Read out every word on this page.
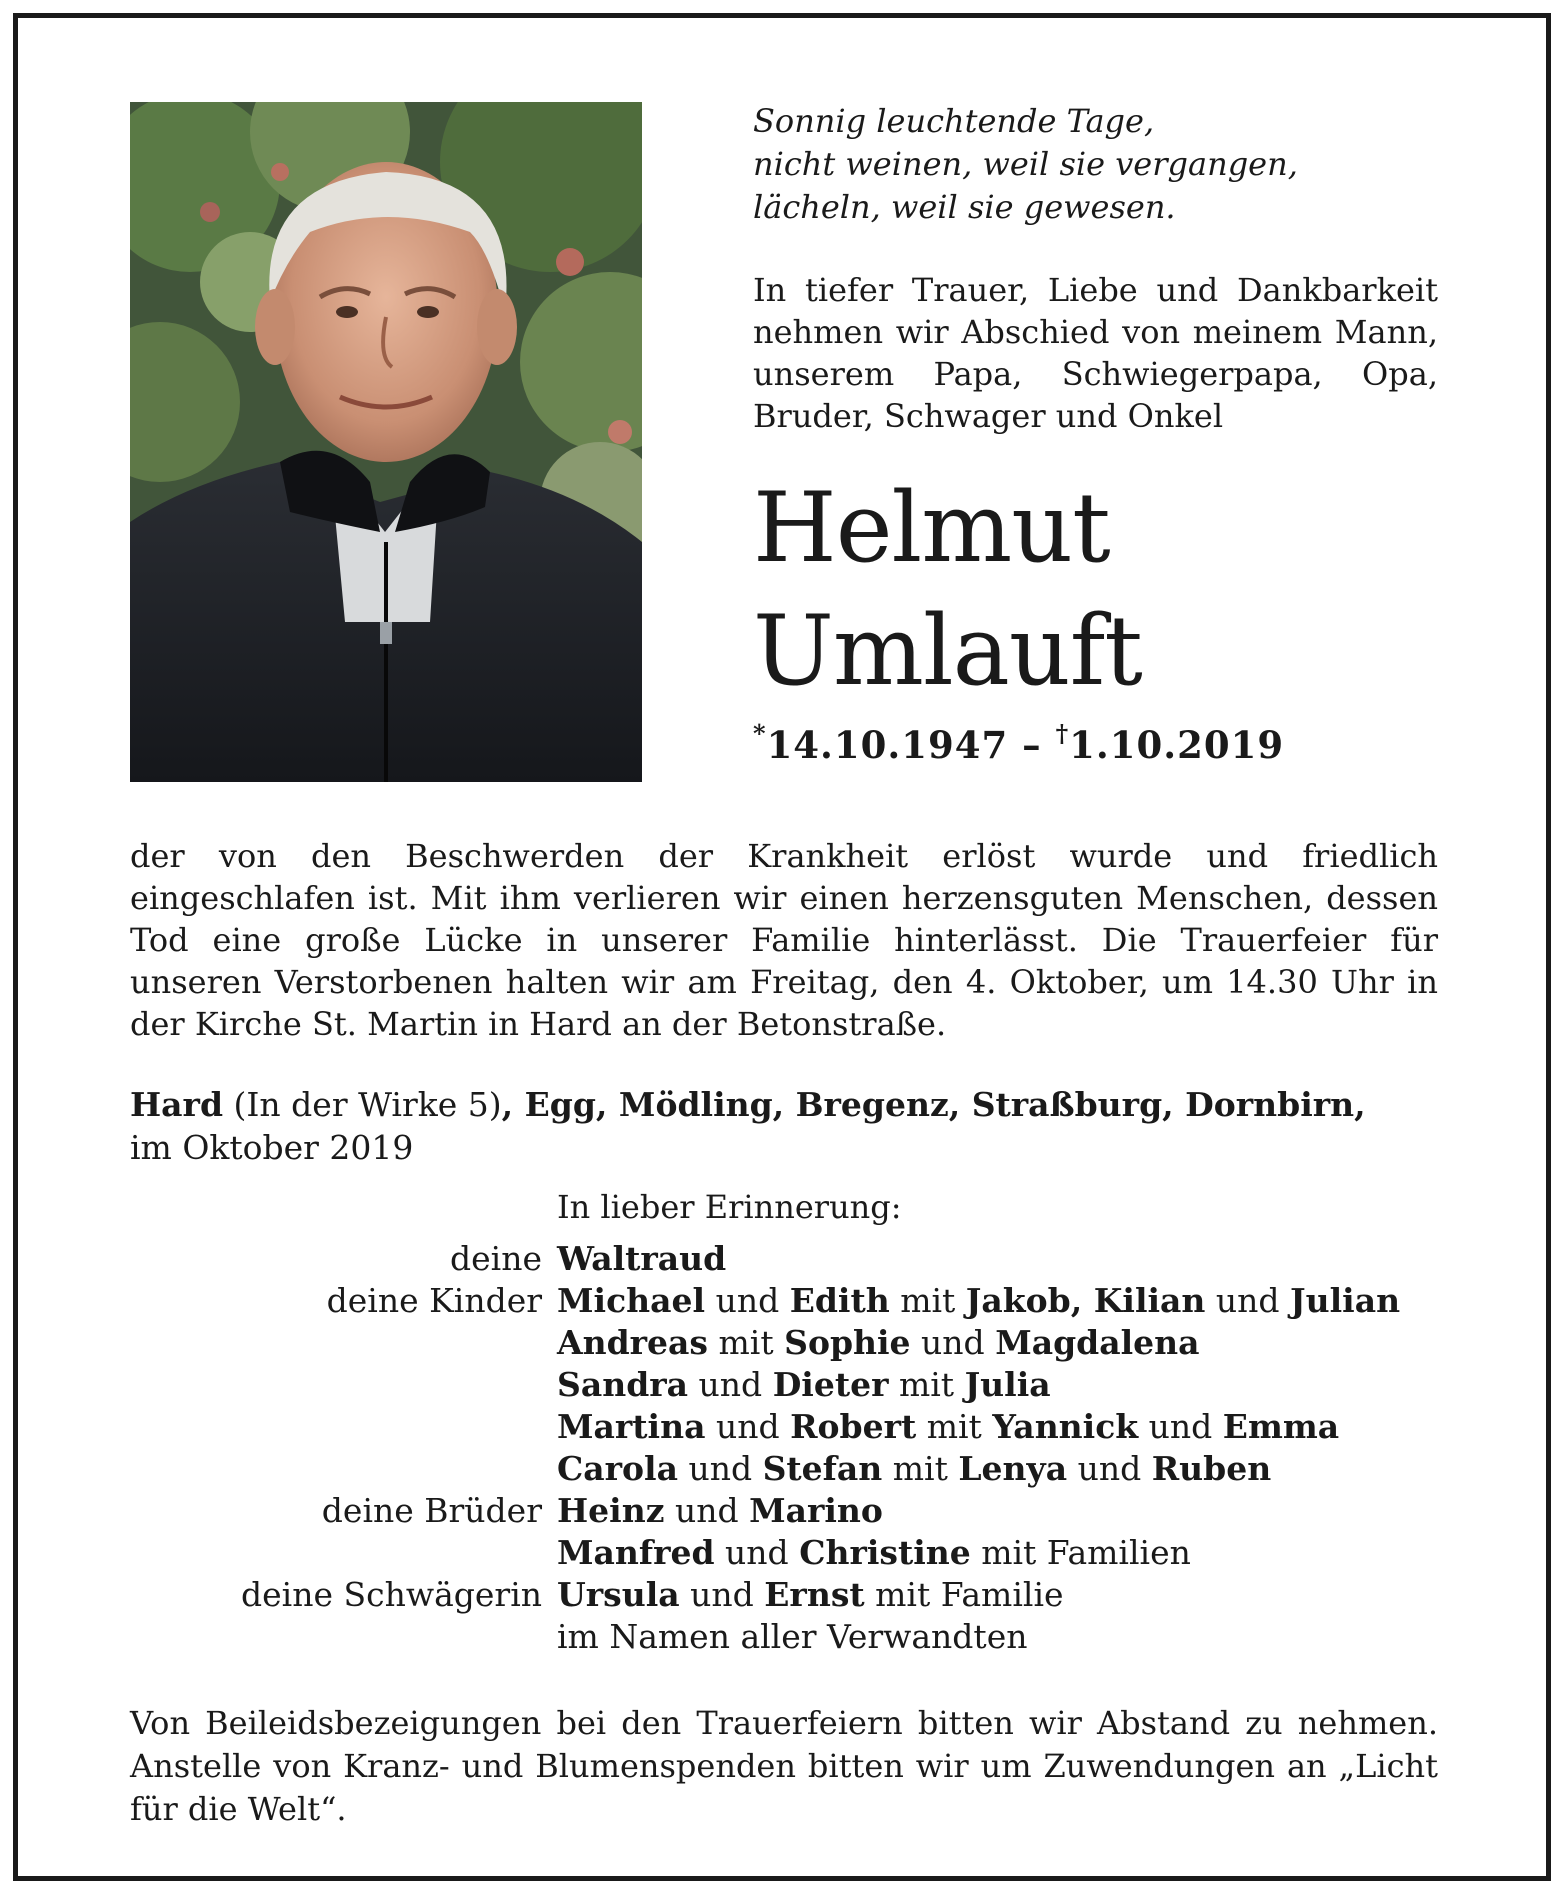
Sonnig leuchtende Tage,
nicht weinen, weil sie vergangen,
lächeln, weil sie gewesen.

In tiefer Trauer, Liebe und Dankbarkeit nehmen wir Abschied von meinem Mann, unserem Papa, Schwiegerpapa, Opa, Bruder, Schwager und Onkel
Helmut
Umlauft
*14.10.1947 – †1.10.2019

der von den Beschwerden der Krankheit erlöst wurde und friedlich eingeschlafen ist. Mit ihm verlieren wir einen herzensguten Menschen, dessen Tod eine große Lücke in unserer Familie hinterlässt. Die Trauerfeier für unseren Verstorbenen halten wir am Freitag, den 4. Oktober, um 14.30 Uhr in der Kirche St. Martin in Hard an der Betonstraße.

Hard (In der Wirke 5), Egg, Mödling, Bregenz, Straßburg, Dornbirn,
im Oktober 2019
In lieber Erinnerung:
deine	Waltraud
deine Kinder	Michael und Edith mit Jakob, Kilian und Julian
	Andreas mit Sophie und Magdalena
	Sandra und Dieter mit Julia
	Martina und Robert mit Yannick und Emma
	Carola und Stefan mit Lenya und Ruben
deine Brüder	Heinz und Marino
	Manfred und Christine mit Familien
deine Schwägerin	Ursula und Ernst mit Familie
	im Namen aller Verwandten

Von Beileidsbezeigungen bei den Trauerfeiern bitten wir Abstand zu nehmen. Anstelle von Kranz- und Blumenspenden bitten wir um Zuwendungen an „Licht für die Welt“.
